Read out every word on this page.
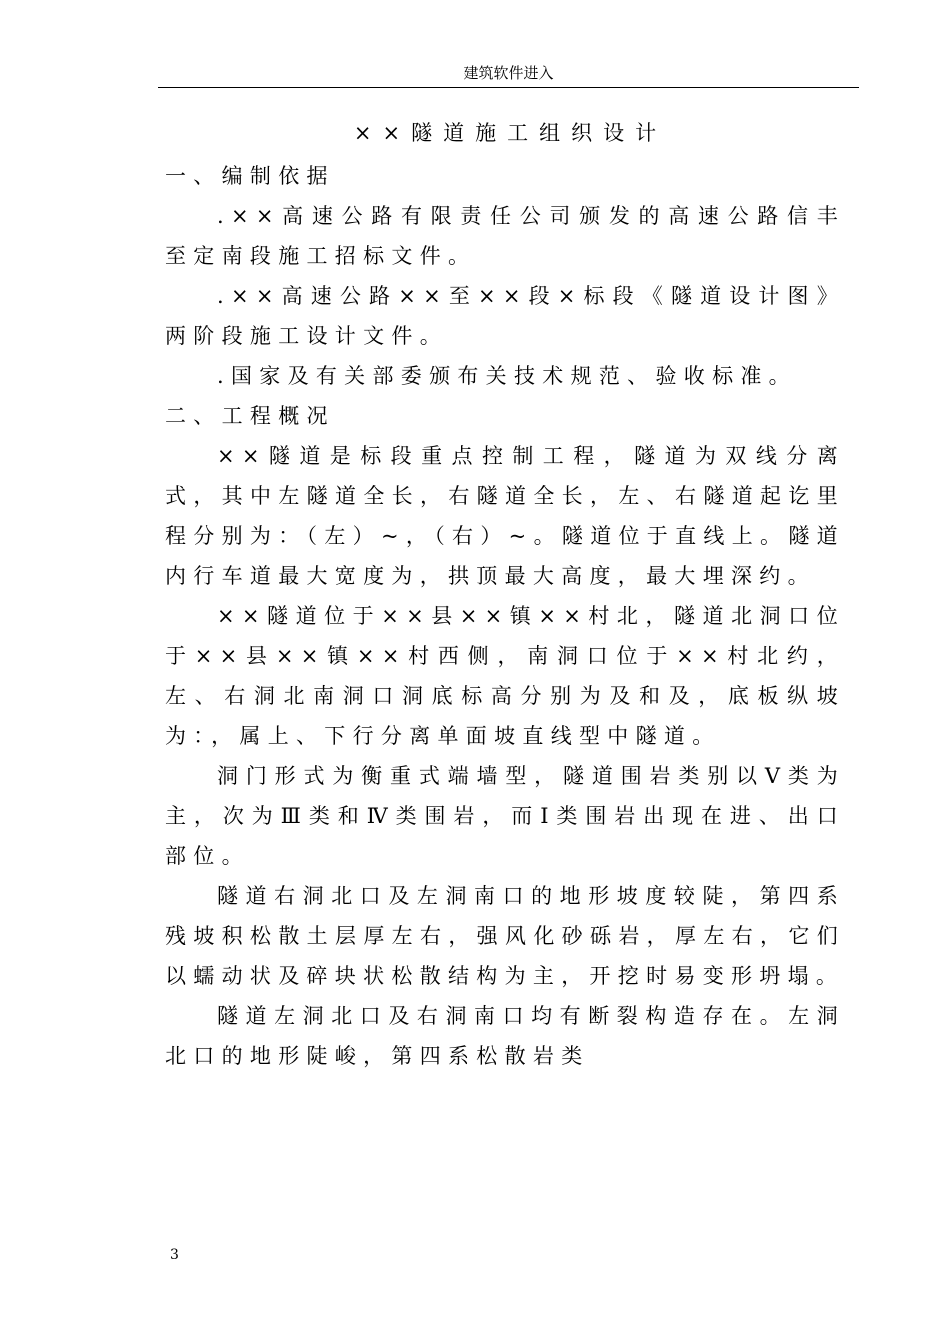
建筑软件进入
××隧道施工组织设计

一、编制依据

.××高速公路有限责任公司颁发的高速公路信丰至定南段施工招标文件。

.××高速公路××至××段×标段《隧道设计图》两阶段施工设计文件。

.国家及有关部委颁布关技术规范、验收标准。

二、工程概况

××隧道是标段重点控制工程，隧道为双线分离式，其中左隧道全长，右隧道全长，左、右隧道起讫里程分别为：（左）~，（右）~。隧道位于直线上。隧道内行车道最大宽度为，拱顶最大高度，最大埋深约。

××隧道位于××县××镇××村北，隧道北洞口位于××县××镇××村西侧，南洞口位于××村北约，左、右洞北南洞口洞底标高分别为及和及，底板纵坡为：，属上、下行分离单面坡直线型中隧道。

洞门形式为衡重式端墙型，隧道围岩类别以Ⅴ类为主，次为Ⅲ类和Ⅳ类围岩，而Ⅰ类围岩出现在进、出口部位。

隧道右洞北口及左洞南口的地形坡度较陡，第四系残坡积松散土层厚左右，强风化砂砾岩，厚左右，它们以蠕动状及碎块状松散结构为主，开挖时易变形坍塌。

隧道左洞北口及右洞南口均有断裂构造存在。左洞北口的地形陡峻，第四系松散岩类

3
